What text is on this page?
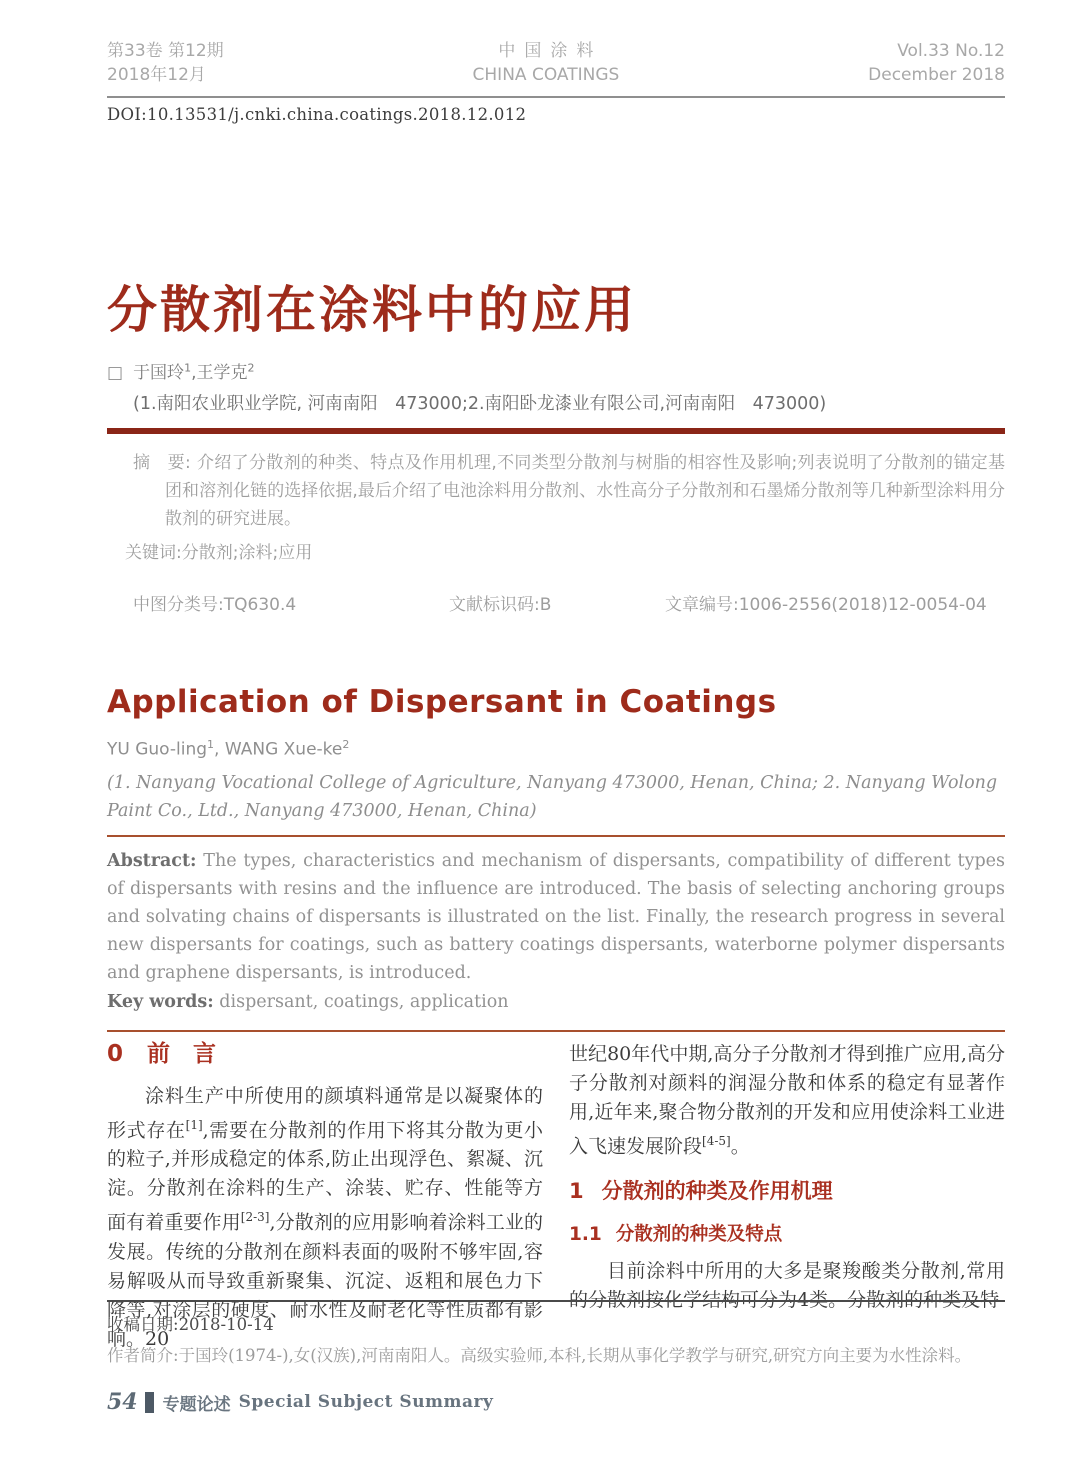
第33卷 第12期
2018年12月
中国涂料
CHINA COATINGS
Vol.33 No.12
December 2018
DOI:10.13531/j.cnki.china.coatings.2018.12.012
分散剂在涂料中的应用
□ 于国玲$^1$,王学克$^2$
(1.南阳农业职业学院, 河南南阳　473000;2.南阳卧龙漆业有限公司,河南南阳　473000)

摘　要: 介绍了分散剂的种类、特点及作用机理,不同类型分散剂与树脂的相容性及影响;列表说明了分散剂的锚定基团和溶剂化链的选择依据,最后介绍了电池涂料用分散剂、水性高分子分散剂和石墨烯分散剂等几种新型涂料用分散剂的研究进展。

关键词:分散剂;涂料;应用

中图分类号:TQ630.4	文献标识码:B	文章编号:1006-2556(2018)12-0054-04
Application of Dispersant in Coatings
YU Guo-ling$^1$, WANG Xue-$ke^2$
(1. Nanyang Vocational College of Agriculture, Nanyang 473000, Henan, China; 2. Nanyang Wolong Paint Co., Ltd., Nanyang 473000, Henan, China)

Abstract: The types, characteristics and mechanism of dispersants, compatibility of different types of dispersants with resins and the influence are introduced. The basis of selecting anchoring groups and solvating chains of dispersants is illustrated on the list. Finally, the research progress in several new dispersants for coatings, such as battery coatings dispersants, waterborne polymer dispersants and graphene dispersants, is introduced.

Key words: dispersant, coatings, application

0 前　言

涂料生产中所使用的颜填料通常是以凝聚体的形式存在[1],需要在分散剂的作用下将其分散为更小的粒子,并形成稳定的体系,防止出现浮色、絮凝、沉淀。分散剂在涂料的生产、涂装、贮存、性能等方面有着重要作用[2-3],分散剂的应用影响着涂料工业的发展。传统的分散剂在颜料表面的吸附不够牢固,容易解吸从而导致重新聚集、沉淀、返粗和展色力下降等,对涂层的硬度、耐水性及耐老化等性质都有影响。20

世纪80年代中期,高分子分散剂才得到推广应用,高分子分散剂对颜料的润湿分散和体系的稳定有显著作用,近年来,聚合物分散剂的开发和应用使涂料工业进入飞速发展阶段[4-5]。

1 分散剂的种类及作用机理
1.1 分散剂的种类及特点

目前涂料中所用的大多是聚羧酸类分散剂,常用的分散剂按化学结构可分为4类。分散剂的种类及特

收稿日期:2018-10-14
作者简介:于国玲(1974-),女(汉族),河南南阳人。高级实验师,本科,长期从事化学教学与研究,研究方向主要为水性涂料。
54 专题论述 Special Subject Summary
